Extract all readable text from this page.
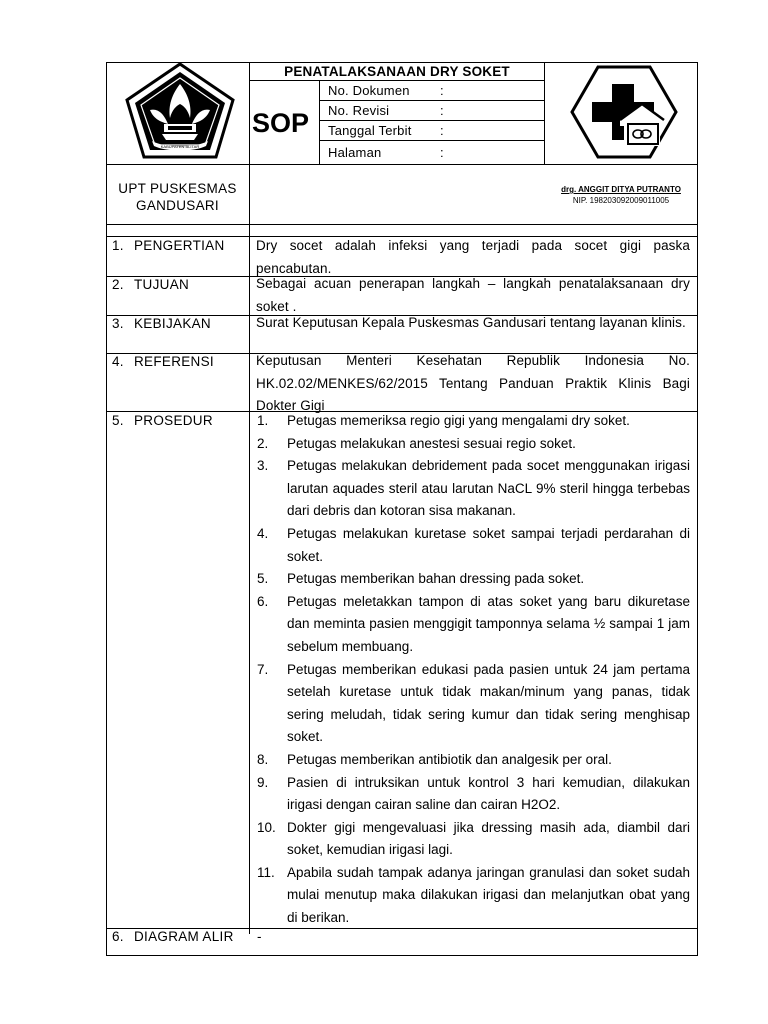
KABUPATEN BLITAR
PENATALAKSANAAN DRY SOKET
SOP
No. Dokumen :
No. Revisi	:
Tanggal Terbit :
Halaman	:
UPT PUSKESMAS
GANDUSARI
drg. ANGGIT DITYA PUTRANTO
NIP. 198203092009011005
1. PENGERTIAN Dry socet adalah infeksi yang terjadi pada socet gigi paska pencabutan.
2. TUJUAN	Sebagai acuan penerapan langkah – langkah penatalaksanaan dry soket .
3. KEBIJAKAN	Surat Keputusan Kepala Puskesmas Gandusari tentang layanan klinis.
4. REFERENSI	Keputusan Menteri Kesehatan Republik Indonesia No. HK.02.02/MENKES/62/2015 Tentang Panduan Praktik Klinis Bagi Dokter Gigi
5. PROSEDUR	1. Petugas memeriksa regio gigi yang mengalami dry soket.
2. Petugas melakukan anestesi sesuai regio soket.
3. Petugas melakukan debridement pada socet menggunakan irigasi larutan aquades steril atau larutan NaCL 9% steril hingga terbebas dari debris dan kotoran sisa makanan.
4. Petugas melakukan kuretase soket sampai terjadi perdarahan di soket.
5. Petugas memberikan bahan dressing pada soket.
6. Petugas meletakkan tampon di atas soket yang baru dikuretase dan meminta pasien menggigit tamponnya selama ½ sampai 1 jam sebelum membuang.
7. Petugas memberikan edukasi pada pasien untuk 24 jam pertama setelah kuretase untuk tidak makan/minum yang panas, tidak sering meludah, tidak sering kumur dan tidak sering menghisap soket.
8. Petugas memberikan antibiotik dan analgesik per oral.
9. Pasien di intruksikan untuk kontrol 3 hari kemudian, dilakukan irigasi dengan cairan saline dan cairan H2O2.
10. Dokter gigi mengevaluasi jika dressing masih ada, diambil dari soket, kemudian irigasi lagi.
11. Apabila sudah tampak adanya jaringan granulasi dan soket sudah mulai menutup maka dilakukan irigasi dan melanjutkan obat yang di berikan.
6. DIAGRAM ALIR -
